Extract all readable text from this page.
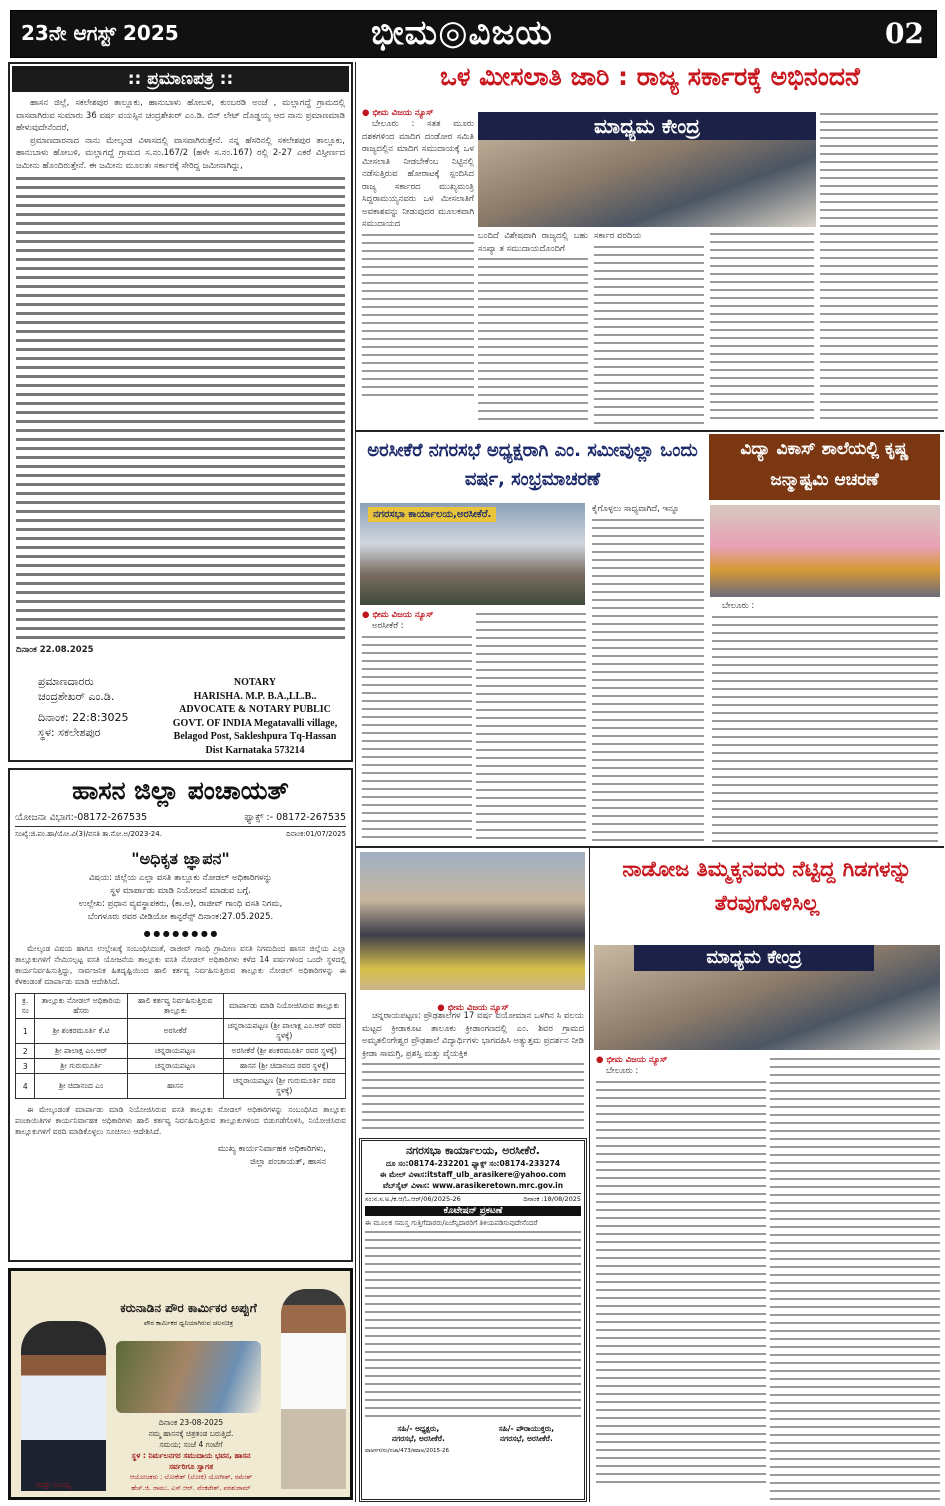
23ನೇ ಆಗಸ್ಟ್ 2025	ಭೀಮ◎ವಿಜಯ	02
:: ಪ್ರಮಾಣಪತ್ರ ::

ಹಾಸನ ಜಿಲ್ಲೆ, ಸಕಲೇಶಪುರ ತಾಲ್ಲೂಕು, ಹಾನುಬಾಳು ಹೋಬಳಿ, ಕುಂಬರಡಿ ಅಂಚೆ , ಮಲ್ಲಾಗದ್ದೆ ಗ್ರಾಮದಲ್ಲಿ ವಾಸವಾಗಿರುವ ಸುಮಾರು 36 ವರ್ಷ ವಯಸ್ಸಿನ ಚಂದ್ರಶೇಖರ್ ಎಂ.ಡಿ. ಬಿನ್ ಲೇಟ್ ದೊಡ್ಡಯ್ಯ ಆದ ನಾನು ಪ್ರಮಾಣಮಾಡಿ ಹೇಳುವುದೇನೆಂದರೆ,

ಪ್ರಮಾಣದಾರನಾದ ನಾನು ಮೇಲ್ಕಂಡ ವಿಳಾಸದಲ್ಲಿ ವಾಸವಾಗಿರುತ್ತೇನೆ. ನನ್ನ ಹೆಸರಿನಲ್ಲಿ ಸಕಲೇಶಪುರ ತಾಲ್ಲೂಕು, ಹಾನುಬಾಳು ಹೋಬಳಿ, ಮಲ್ಲಾಗದ್ದೆ ಗ್ರಾಮದ ಸ.ನಂ.167/2 (ಹಳೇ ಸ.ನಂ.167) ರಲ್ಲಿ 2-27 ಎಕರೆ ವಿಸ್ತೀರ್ಣದ ಜಮೀನು ಹೊಂದಿರುತ್ತೇನೆ. ಈ ಜಮೀನು ಮೂಲತಃ ಸರ್ಕಾರಕ್ಕೆ ಸೇರಿದ್ದ ಜಮೀನಾಗಿದ್ದು,

ದಿನಾಂಕ 22.08.2025

ಪ್ರಮಾಣದಾರರು
ಚಂದ್ರಶೇಖರ್ ಎಂ.ಡಿ.
ದಿನಾಂಕ: 22:8:3025
ಸ್ಥಳ: ಸಕಲೇಶಪುರ
NOTARY
HARISHA. M.P. B.A.,LL.B..
ADVOCATE & NOTARY PUBLIC
GOVT. OF INDIA Megatavalli village,
Belagod Post, Sakleshpura Tq-Hassan
Dist Karnataka 573214
ಹಾಸನ ಜಿಲ್ಲಾ ಪಂಚಾಯತ್
ಯೋಜನಾ ವಿಭಾಗ:-08172-267535	ಫ್ಯಾಕ್ಸ್ :- 08172-267535
ಸಂಖ್ಯೆ:ಜಿ.ಪಂ.ಹಾ/ಯೋ.ವಿ(3)/ವಸತಿ ತಾ.ನೋ.ಅ/2023-24.	ದಿನಾಂಕ:01/07/2025
"ಅಧಿಕೃತ ಜ್ಞಾಪನ"
ವಿಷಯ: ಜಿಲ್ಲೆಯ ಎಲ್ಲಾ ವಸತಿ ತಾಲ್ಲೂಕು ನೋಡಲ್ ಅಧಿಕಾರಿಗಳನ್ನು
ಸ್ಥಳ ಮಾರ್ಪಾಡು ಮಾಡಿ ನಿಯೋಜನೆ ಮಾಡುವ ಬಗ್ಗೆ.
ಉಲ್ಲೇಖ: ಪ್ರಧಾನ ವ್ಯವಸ್ಥಾಪಕರು, (ಕಾ.ಅ), ರಾಜೀವ್ ಗಾಂಧಿ ವಸತಿ ನಿಗಮ,
ಬೆಂಗಳೂರು ರವರ ವೀಡಿಯೋ ಕಾನ್ಫರೆನ್ಸ್ ದಿನಾಂಕ:27.05.2025.
● ● ● ● ● ● ● ●

ಮೇಲ್ಕಂಡ ವಿಷಯ ಹಾಗೂ ಉಲ್ಲೇಖಕ್ಕೆ ಸಂಬಂಧಿಸಿದಂತೆ, ರಾಜೀವ್ ಗಾಂಧಿ ಗ್ರಾಮೀಣ ವಸತಿ ನಿಗಮದಿಂದ ಹಾಸನ ಜಿಲ್ಲೆಯ ಎಲ್ಲಾ ತಾಲ್ಲೂಕುಗಳಿಗೆ ನೇಮಿಸಲ್ಪಟ್ಟ ವಸತಿ ಯೋಜನೆಯ ತಾಲ್ಲೂಕು ವಸತಿ ನೋಡಲ್ ಅಧಿಕಾರಿಗಳು ಕಳೆದ 14 ವರ್ಷಗಳಿಂದ ಒಂದೇ ಸ್ಥಳದಲ್ಲಿ ಕಾರ್ಯನಿರ್ವಹಿಸುತ್ತಿದ್ದು, ಸಾರ್ವಜನಿಕ ಹಿತದೃಷ್ಟಿಯಿಂದ ಹಾಲಿ ಕರ್ತವ್ಯ ನಿರ್ವಹಿಸುತ್ತಿರುವ ತಾಲ್ಲೂಕು ನೋಡಲ್ ಅಧಿಕಾರಿಗಳನ್ನು ಈ ಕೆಳಕಂಡಂತೆ ಮಾರ್ಪಾಡು ಮಾಡಿ ಆದೇಶಿಸಿದೆ.

ಕ್ರ. ಸಂ	ತಾಲ್ಲೂಕು ನೋಡಲ್ ಅಧಿಕಾರಿಯ ಹೆಸರು	ಹಾಲಿ ಕರ್ತವ್ಯ ನಿರ್ವಹಿಸುತ್ತಿರುವ ತಾಲ್ಲೂಕು	ಮಾರ್ಪಾಡು ಮಾಡಿ ನಿಯೋಜಿಸಿರುವ ತಾಲ್ಲೂಕು
1	ಶ್ರೀ ಶಂಕರಮೂರ್ತಿ ಕೆ.ಟಿ	ಅರಸೀಕೆರೆ	ಚನ್ನರಾಯಪಟ್ಟಣ (ಶ್ರೀ ಪಾಲಾಕ್ಷ ಎಂ.ಆರ್ ರವರ ಸ್ಥಳಕ್ಕೆ)
2	ಶ್ರೀ ಪಾಲಾಕ್ಷ ಎಂ.ಆರ್	ಚನ್ನರಾಯಪಟ್ಟಣ	ಅರಸೀಕೆರೆ (ಶ್ರೀ ಶಂಕರಮೂರ್ತಿ ರವರ ಸ್ಥಳಕ್ಕೆ)
3	ಶ್ರೀ ಗುರುಮೂರ್ತಿ	ಚನ್ನರಾಯಪಟ್ಟಣ	ಹಾಸನ (ಶ್ರೀ ಚಿದಾನಂದ ರವರ ಸ್ಥಳಕ್ಕೆ)
4	ಶ್ರೀ ಚಿದಾನಂದ ಎಂ	ಹಾಸನ	ಚನ್ನರಾಯಪಟ್ಟಣ (ಶ್ರೀ ಗುರುಮೂರ್ತಿ ರವರ ಸ್ಥಳಕ್ಕೆ)

ಈ ಮೇಲ್ಕಂಡಂತೆ ಮಾರ್ಪಾಡು ಮಾಡಿ ನಿಯೋಜಿಸಿರುವ ವಸತಿ ತಾಲ್ಲೂಕು ನೋಡಲ್ ಅಧಿಕಾರಿಗಳನ್ನು ಸಂಬಂಧಿಸಿದ ತಾಲ್ಲೂಕು ಪಂಚಾಯಿತಿಗಳ ಕಾರ್ಯನಿರ್ವಾಹಕ ಅಧಿಕಾರಿಗಳು ಹಾಲಿ ಕರ್ತವ್ಯ ನಿರ್ವಹಿಸುತ್ತಿರುವ ತಾಲ್ಲೂಕುಗಳಿಂದ ಬಿಡುಗಡೆಗೊಳಿಸಿ, ನಿಯೋಜಿಸಿರುವ ತಾಲ್ಲೂಕುಗಳಿಗೆ ವರದಿ ಮಾಡಿಕೊಳ್ಳಲು ಸೂಚಿಸಲು ಆದೇಶಿಸಿದೆ.

ಮುಖ್ಯ ಕಾರ್ಯನಿರ್ವಾಹಕ ಅಧಿಕಾರಿಗಳು,
ಜಿಲ್ಲಾ ಪಂಚಾಯತ್, ಹಾಸನ
ಕರುನಾಡಿನ ಪೌರ ಕಾರ್ಮಿಕರ ಅಪ್ಪುಗೆ
ಪೌರ ಕಾರ್ಮಿಕರ ಧ್ವನಿಯಾಗಿರುವ ಚಲನಚಿತ್ರ
ದಿನಾಂಕ 23-08-2025
ನಮ್ಮ ಹಾಸನಕ್ಕೆ ಚಿತ್ರತಂಡ ಬರುತ್ತಿದೆ.
ಸಮಯ; ಸಂಜೆ 4 ಗಂಟೆಗೆ
ಸ್ಥಳ : ನಿರ್ಮಲನಗರ ಸಮುದಾಯ ಭವನ, ಹಾಸನ
ಸರ್ವರಿಗೂ ಸ್ವಾಗತ
ಆಯೋಜಕರು ; ಲೋಕೇಶ್ (ಲೋಕಿ) ಯೋಗೀಶ್, ರಮೇಶ್
ಹೆಚ್.ಜಿ. ರಾಮು, ಎಸ್.ಆರ್. ವೆಂಕಟೇಶ್, ಪರಶುರಾಮ್
ಚಂದ್ರು ಓಬಯ್ಯ
ಒಳ ಮೀಸಲಾತಿ ಜಾರಿ : ರಾಜ್ಯ ಸರ್ಕಾರಕ್ಕೆ ಅಭಿನಂದನೆ
● ಭೀಮ ವಿಜಯ ನ್ಯೂಸ್

ಬೇಲೂರು : ಸತತ ಮೂರು ದಶಕಗಳಿಂದ ಮಾದಿಗ ದಂಡೋರ ಸಮಿತಿ ರಾಜ್ಯದಲ್ಲಿನ ಮಾದಿಗ ಸಮುದಾಯಕ್ಕೆ ಒಳ ಮೀಸಲಾತಿ ನೀಡಬೇಕೆಂಬ ನಿಟ್ಟಿನಲ್ಲಿ ನಡೆಸುತ್ತಿರುವ ಹೋರಾಟಕ್ಕೆ ಸ್ಪಂದಿಸಿದ ರಾಜ್ಯ ಸರ್ಕಾರದ ಮುಖ್ಯಮಂತ್ರಿ ಸಿದ್ದರಾಮಯ್ಯನವರು ಒಳ ಮೀಸಲಾತಿಗೆ ಅವಕಾಶವನ್ನು ನೀಡುವುದರ ಮೂಲಕವಾಗಿ ಸಮುದಾಯದ

ಮಾಧ್ಯಮ ಕೇಂದ್ರ

ಬಂದಿದೆ ವಿಶೇಷವಾಗಿ ರಾಜ್ಯದಲ್ಲಿ ಬಹು ಸಂಖ್ಯಾ ತ ಸಮುದಾಯದೊಂದಿಗೆ

ಸರ್ಕಾರ ವರದಿಯ

ಅರಸೀಕೆರೆ ನಗರಸಭೆ ಅಧ್ಯಕ್ಷರಾಗಿ ಎಂ. ಸಮೀವುಲ್ಲಾ ಒಂದು ವರ್ಷ, ಸಂಭ್ರಮಾಚರಣೆ
ನಗರಸಭಾ ಕಾರ್ಯಾಲಯ,ಅರಸೀಕೆರೆ.
● ಭೀಮ ವಿಜಯ ನ್ಯೂಸ್

ಅರಸೀಕೆರೆ :

ಕೈಗೊಳ್ಳಲು ಸಾಧ್ಯವಾಗಿದೆ, ಇನ್ನೂ

ವಿದ್ಯಾ ವಿಕಾಸ್ ಶಾಲೆಯಲ್ಲಿ ಕೃಷ್ಣ ಜನ್ಮಾಷ್ಟಮಿ ಆಚರಣೆ

ಬೇಲೂರು :

● ಭೀಮ ವಿಜಯ ನ್ಯೂಸ್

ಚನ್ನರಾಯಪಟ್ಟಣ: ಪ್ರೌಢಶಾಲೆಗಳ 17 ವರ್ಷ ವಯೋಮಾನ ಒಳಗಿನ ಸಿ ವಲಯ ಮಟ್ಟದ ಕ್ರೀಡಾಕೂಟ ತಾಲೂಕು ಕ್ರೀಡಾಂಗಣದಲ್ಲಿ ಎಂ. ಶಿವರ ಗ್ರಾಮದ ಅಮೃತಲಿಂಗೇಶ್ವರ ಪ್ರೌಢಶಾಲೆ ವಿದ್ಯಾರ್ಥಿಗಳು ಭಾಗವಹಿಸಿ ಅತ್ಯುತ್ತಮ ಪ್ರದರ್ಶನ ನೀಡಿ ಕ್ರೀಡಾ ಸಾಮಗ್ರಿ, ಪ್ರಶಸ್ತಿ ಮತ್ತು ವೈಯಕ್ತಿಕ

ನಗರಸಭಾ ಕಾರ್ಯಾಲಯ, ಅರಸೀಕೆರೆ.
ದೂ ಸಂ:08174-232201 ಫ್ಯಾಕ್ಸ್ ಸಂ:08174-233274
ಈ ಮೇಲ್ ವಿಳಾಸ:itstaff_ulb_arasikere@yahoo.com
ವೆಬ್‌ಸೈಟ್ ವಿಳಾಸ: www.arasikeretown.mrc.gov.in
ಸಂ:ನ.ಸ.ಅ./ಕ.ಆ/ಓ.ಆರ್/06/2025-26	ದಿನಾಂಕ :18/08/2025
ಕೊಟೇಷನ್ ಪ್ರಕಟಣೆ

ಈ ಮೂಲಕ ಸಮಸ್ತ ಗುತ್ತಿಗೆದಾರರು/ಏಜೆನ್ಸಿದಾರರಿಗೆ ತಿಳಿಯಪಡಿಸುವುದೇನೆಂದರೆ

ಸಹಿ/- ಅಧ್ಯಕ್ಷರು,
ನಗರಸಭೆ, ಅರಸೀಕೆರೆ.
ಸಹಿ/- ಪೌರಾಯುಕ್ತರು,
ನಗರಸಭೆ, ಅರಸೀಕೆರೆ.
ವಾಅಸಇ/ಸಂ/ನಜಾ/473/ಕವಾಅ/2015-26
ನಾಡೋಜ ತಿಮ್ಮಕ್ಕನವರು ನೆಟ್ಟಿದ್ದ ಗಿಡಗಳನ್ನು ತೆರವುಗೊಳಿಸಿಲ್ಲ
ಮಾಧ್ಯಮ ಕೇಂದ್ರ
● ಭೀಮ ವಿಜಯ ನ್ಯೂಸ್

ಬೇಲೂರು :
